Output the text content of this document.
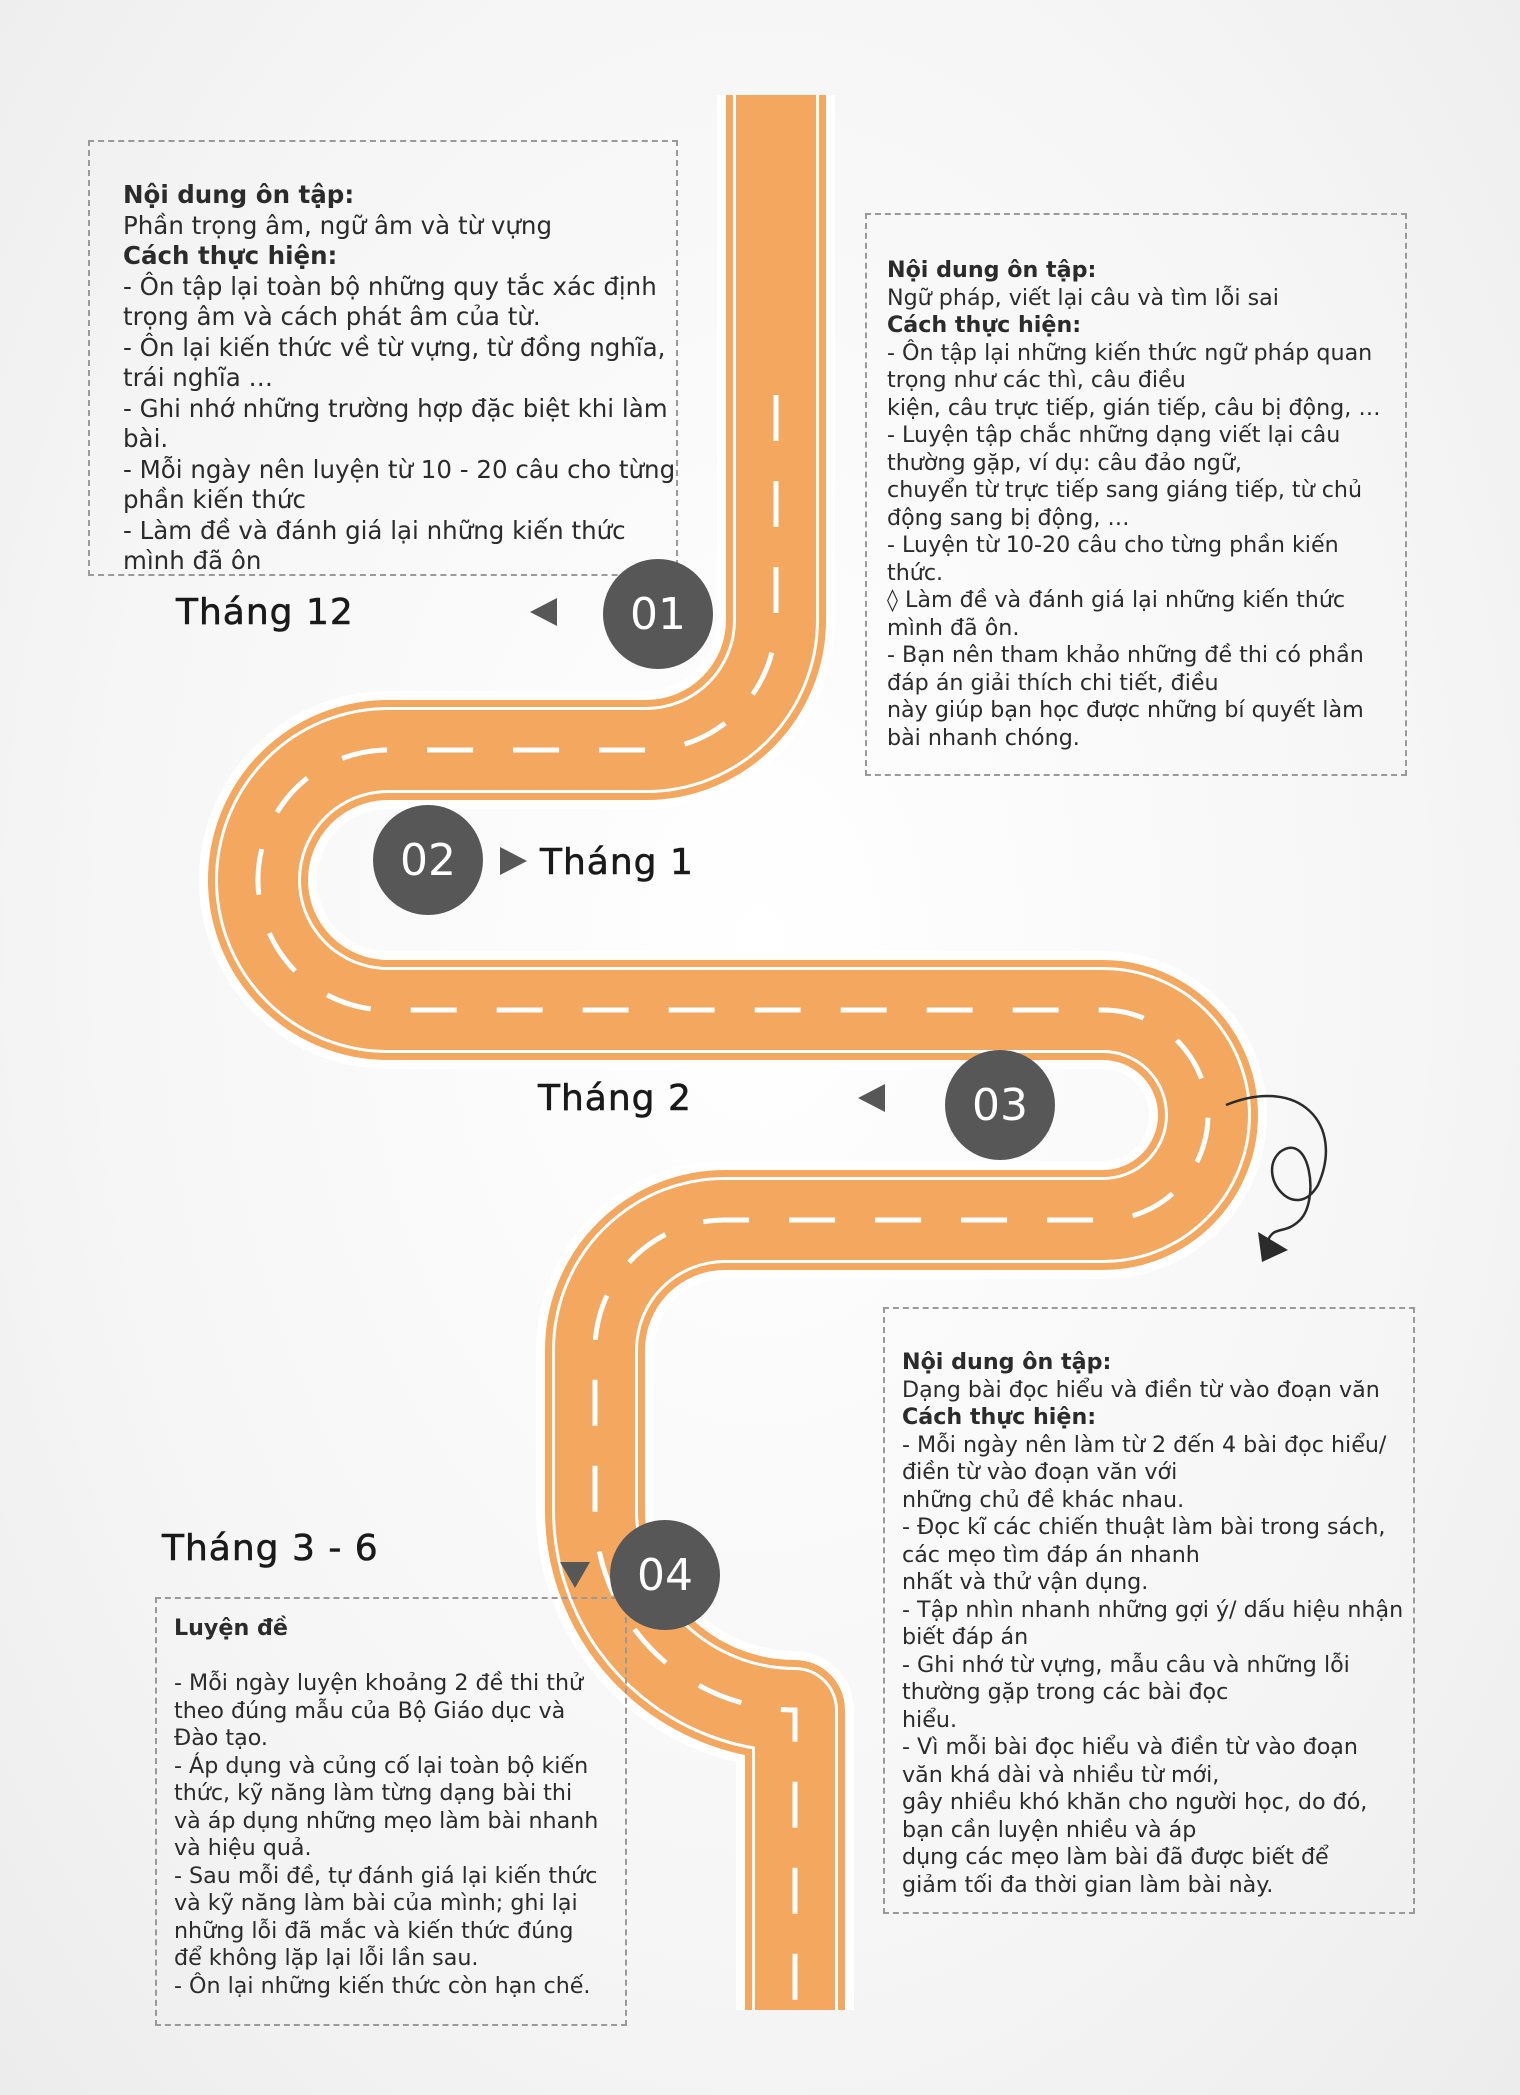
Nội dung ôn tập:
Phần trọng âm, ngữ âm và từ vựng
Cách thực hiện:
- Ôn tập lại toàn bộ những quy tắc xác định
trọng âm và cách phát âm của từ.
- Ôn lại kiến thức về từ vựng, từ đồng nghĩa,
trái nghĩa …
- Ghi nhớ những trường hợp đặc biệt khi làm
bài.
- Mỗi ngày nên luyện từ 10 - 20 câu cho từng
phần kiến thức
- Làm đề và đánh giá lại những kiến thức
mình đã ôn
Nội dung ôn tập:
Ngữ pháp, viết lại câu và tìm lỗi sai
Cách thực hiện:
- Ôn tập lại những kiến thức ngữ pháp quan
trọng như các thì, câu điều
kiện, câu trực tiếp, gián tiếp, câu bị động, …
- Luyện tập chắc những dạng viết lại câu
thường gặp, ví dụ: câu đảo ngữ,
chuyển từ trực tiếp sang giáng tiếp, từ chủ
động sang bị động, …
- Luyện từ 10-20 câu cho từng phần kiến
thức.
◊ Làm đề và đánh giá lại những kiến thức
mình đã ôn.
- Bạn nên tham khảo những đề thi có phần
đáp án giải thích chi tiết, điều
này giúp bạn học được những bí quyết làm
bài nhanh chóng.
Nội dung ôn tập:
Dạng bài đọc hiểu và điền từ vào đoạn văn
Cách thực hiện:
- Mỗi ngày nên làm từ 2 đến 4 bài đọc hiểu/
điền từ vào đoạn văn với
những chủ đề khác nhau.
- Đọc kĩ các chiến thuật làm bài trong sách,
các mẹo tìm đáp án nhanh
nhất và thử vận dụng.
- Tập nhìn nhanh những gợi ý/ dấu hiệu nhận
biết đáp án
- Ghi nhớ từ vựng, mẫu câu và những lỗi
thường gặp trong các bài đọc
hiểu.
- Vì mỗi bài đọc hiểu và điền từ vào đoạn
văn khá dài và nhiều từ mới,
gây nhiều khó khăn cho người học, do đó,
bạn cần luyện nhiều và áp
dụng các mẹo làm bài đã được biết để
giảm tối đa thời gian làm bài này.
Luyện đề

- Mỗi ngày luyện khoảng 2 đề thi thử
theo đúng mẫu của Bộ Giáo dục và
Đào tạo.
- Áp dụng và củng cố lại toàn bộ kiến
thức, kỹ năng làm từng dạng bài thi
và áp dụng những mẹo làm bài nhanh
và hiệu quả.
- Sau mỗi đề, tự đánh giá lại kiến thức
và kỹ năng làm bài của mình; ghi lại
những lỗi đã mắc và kiến thức đúng
để không lặp lại lỗi lần sau.
- Ôn lại những kiến thức còn hạn chế.
Tháng 12
Tháng 1
Tháng 2
Tháng 3 - 6
01
02
03
04
